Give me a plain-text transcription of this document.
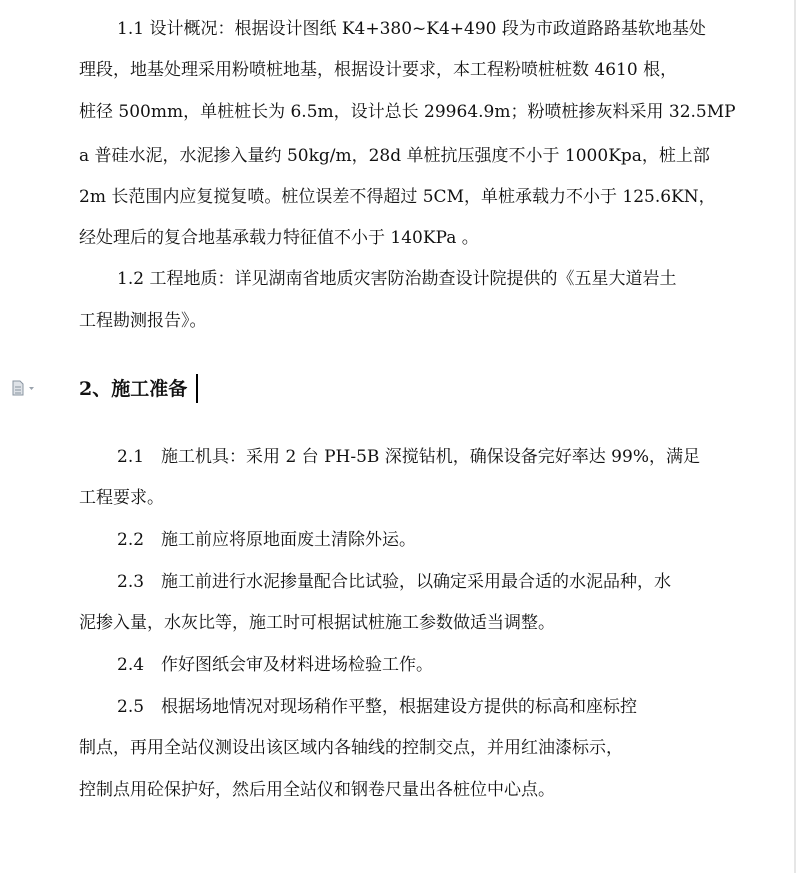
1.1 设计概况：根据设计图纸 K4+380~K4+490 段为市政道路路基软地基处
理段，地基处理采用粉喷桩地基，根据设计要求，本工程粉喷桩桩数 4610 根，
桩径 500mm，单桩桩长为 6.5m，设计总长 29964.9m；粉喷桩掺灰料采用 32.5MP
a 普硅水泥，水泥掺入量约 50kg/m，28d 单桩抗压强度不小于 1000Kpa，桩上部
2m 长范围内应复搅复喷。桩位误差不得超过 5CM，单桩承载力不小于 125.6KN，
经处理后的复合地基承载力特征值不小于 140KPa 。
1.2 工程地质：详见湖南省地质灾害防治勘查设计院提供的《五星大道岩土
工程勘测报告》。
2、施工准备
2.1　施工机具：采用 2 台 PH-5B 深搅钻机，确保设备完好率达 99%，满足
工程要求。
2.2　施工前应将原地面废土清除外运。
2.3　施工前进行水泥掺量配合比试验，以确定采用最合适的水泥品种，水
泥掺入量，水灰比等，施工时可根据试桩施工参数做适当调整。
2.4　作好图纸会审及材料进场检验工作。
2.5　根据场地情况对现场稍作平整，根据建设方提供的标高和座标控
制点，再用全站仪测设出该区域内各轴线的控制交点，并用红油漆标示，
控制点用砼保护好，然后用全站仪和钢卷尺量出各桩位中心点。
